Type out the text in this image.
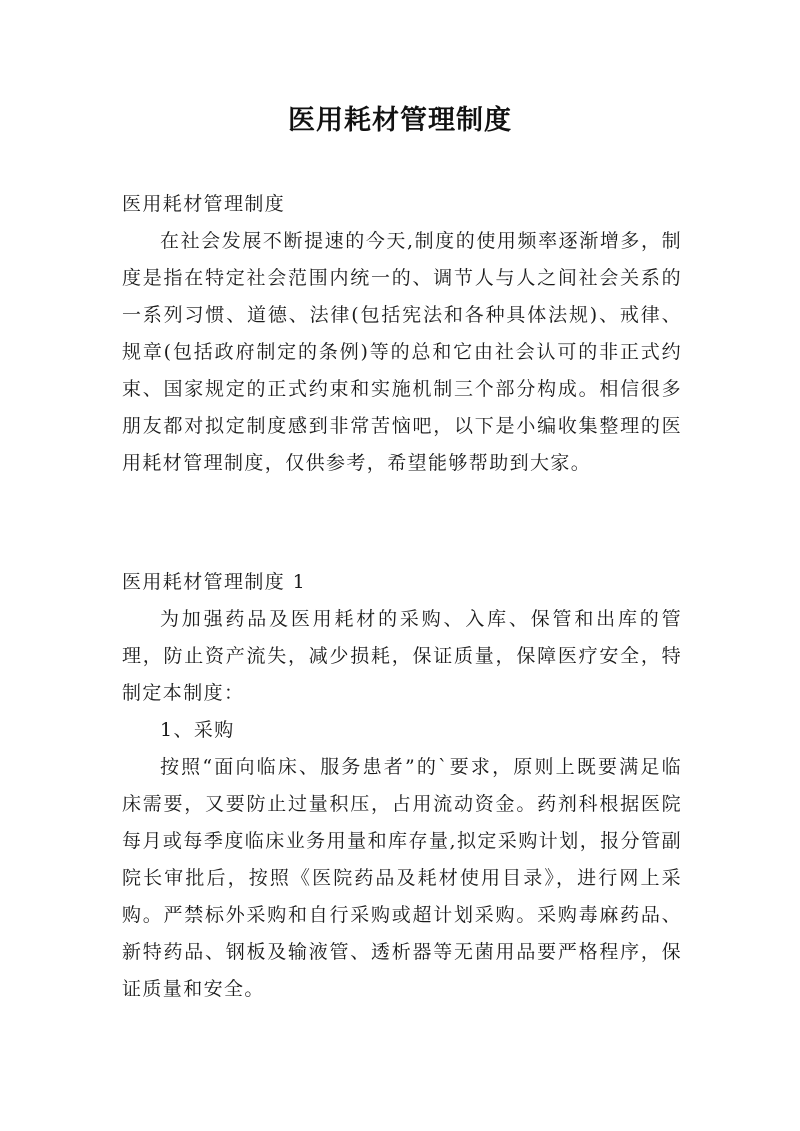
医用耗材管理制度

医用耗材管理制度

在社会发展不断提速的今天,制度的使用频率逐渐增多，制度是指在特定社会范围内统一的、调节人与人之间社会关系的一系列习惯、道德、法律(包括宪法和各种具体法规)、戒律、规章(包括政府制定的条例)等的总和它由社会认可的非正式约束、国家规定的正式约束和实施机制三个部分构成。相信很多朋友都对拟定制度感到非常苦恼吧，以下是小编收集整理的医用耗材管理制度，仅供参考，希望能够帮助到大家。

医用耗材管理制度 1

为加强药品及医用耗材的采购、入库、保管和出库的管理，防止资产流失，减少损耗，保证质量，保障医疗安全，特制定本制度：

1、采购

按照“面向临床、服务患者”的`要求，原则上既要满足临床需要，又要防止过量积压，占用流动资金。药剂科根据医院每月或每季度临床业务用量和库存量,拟定采购计划，报分管副院长审批后，按照《医院药品及耗材使用目录》，进行网上采购。严禁标外采购和自行采购或超计划采购。采购毒麻药品、新特药品、钢板及输液管、透析器等无菌用品要严格程序，保证质量和安全。
